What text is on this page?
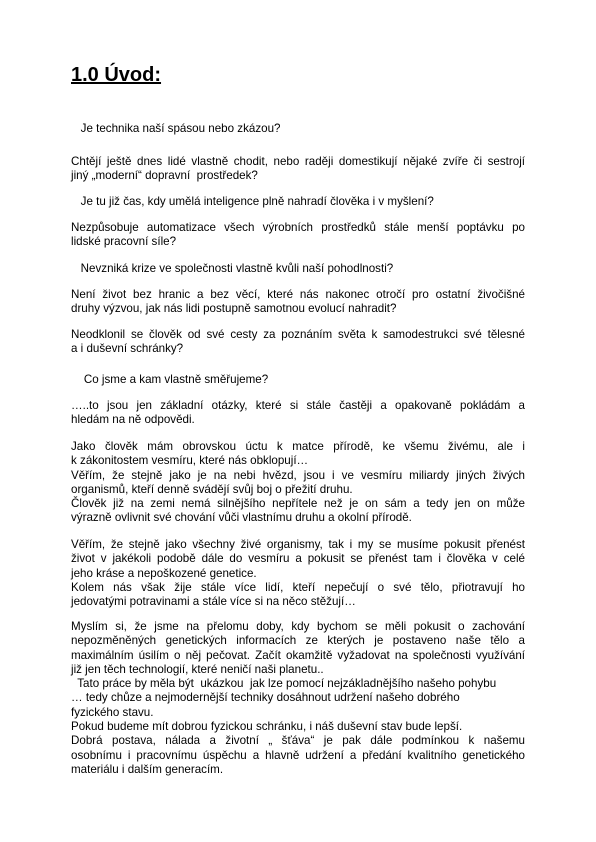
1.0 Úvod:

Je technika naší spásou nebo zkázou?

Chtějí ještě dnes lidé vlastně chodit, nebo raději domestikují nějaké zvíře či sestrojí
jiný „moderní“ dopravní  prostředek?

Je tu již čas, kdy umělá inteligence plně nahradí člověka i v myšlení?

Nezpůsobuje automatizace všech výrobních prostředků stále menší poptávku po
lidské pracovní síle?

Nevzniká krize ve společnosti vlastně kvůli naší pohodlnosti?

Není život bez hranic a bez věcí, které nás nakonec otročí pro ostatní živočišné
druhy výzvou, jak nás lidi postupně samotnou evolucí nahradit?

Neodklonil se člověk od své cesty za poznáním světa k samodestrukci své tělesné
a i duševní schránky?

Co jsme a kam vlastně směřujeme?

…..to jsou jen základní otázky, které si stále častěji a opakovaně pokládám a
hledám na ně odpovědi.

Jako člověk mám obrovskou úctu k matce přírodě, ke všemu živému, ale i
k zákonitostem vesmíru, které nás obklopují…
Věřím, že stejně jako je na nebi hvězd, jsou i ve vesmíru miliardy jiných živých
organismů, kteří denně svádějí svůj boj o přežití druhu.
Člověk již na zemi nemá silnějšího nepřítele než je on sám a tedy jen on může
výrazně ovlivnit své chování vůči vlastnímu druhu a okolní přírodě.

Věřím, že stejně jako všechny živé organismy, tak i my se musíme pokusit přenést
život v jakékoli podobě dále do vesmíru a pokusit se přenést tam i člověka v celé
jeho kráse a nepoškozené genetice.
Kolem nás však žije stále více lidí, kteří nepečují o své tělo, přiotravují ho
jedovatými potravinami a stále více si na něco stěžují…

Myslím si, že jsme na přelomu doby, kdy bychom se měli pokusit o zachování
nepozměněných genetických informacích ze kterých je postaveno naše tělo a
maximálním úsilím o něj pečovat. Začít okamžitě vyžadovat na společnosti využívání
již jen těch technologií, které neničí naši planetu..
Tato práce by měla být  ukázkou  jak lze pomocí nejzákladnějšího našeho pohybu
… tedy chůze a nejmodernější techniky dosáhnout udržení našeho dobrého
fyzického stavu.
Pokud budeme mít dobrou fyzickou schránku, i náš duševní stav bude lepší.
Dobrá postava, nálada a životní „ šťáva“ je pak dále podmínkou k našemu
osobnímu i pracovnímu úspěchu a hlavně udržení a předání kvalitního genetického
materiálu i dalším generacím.
